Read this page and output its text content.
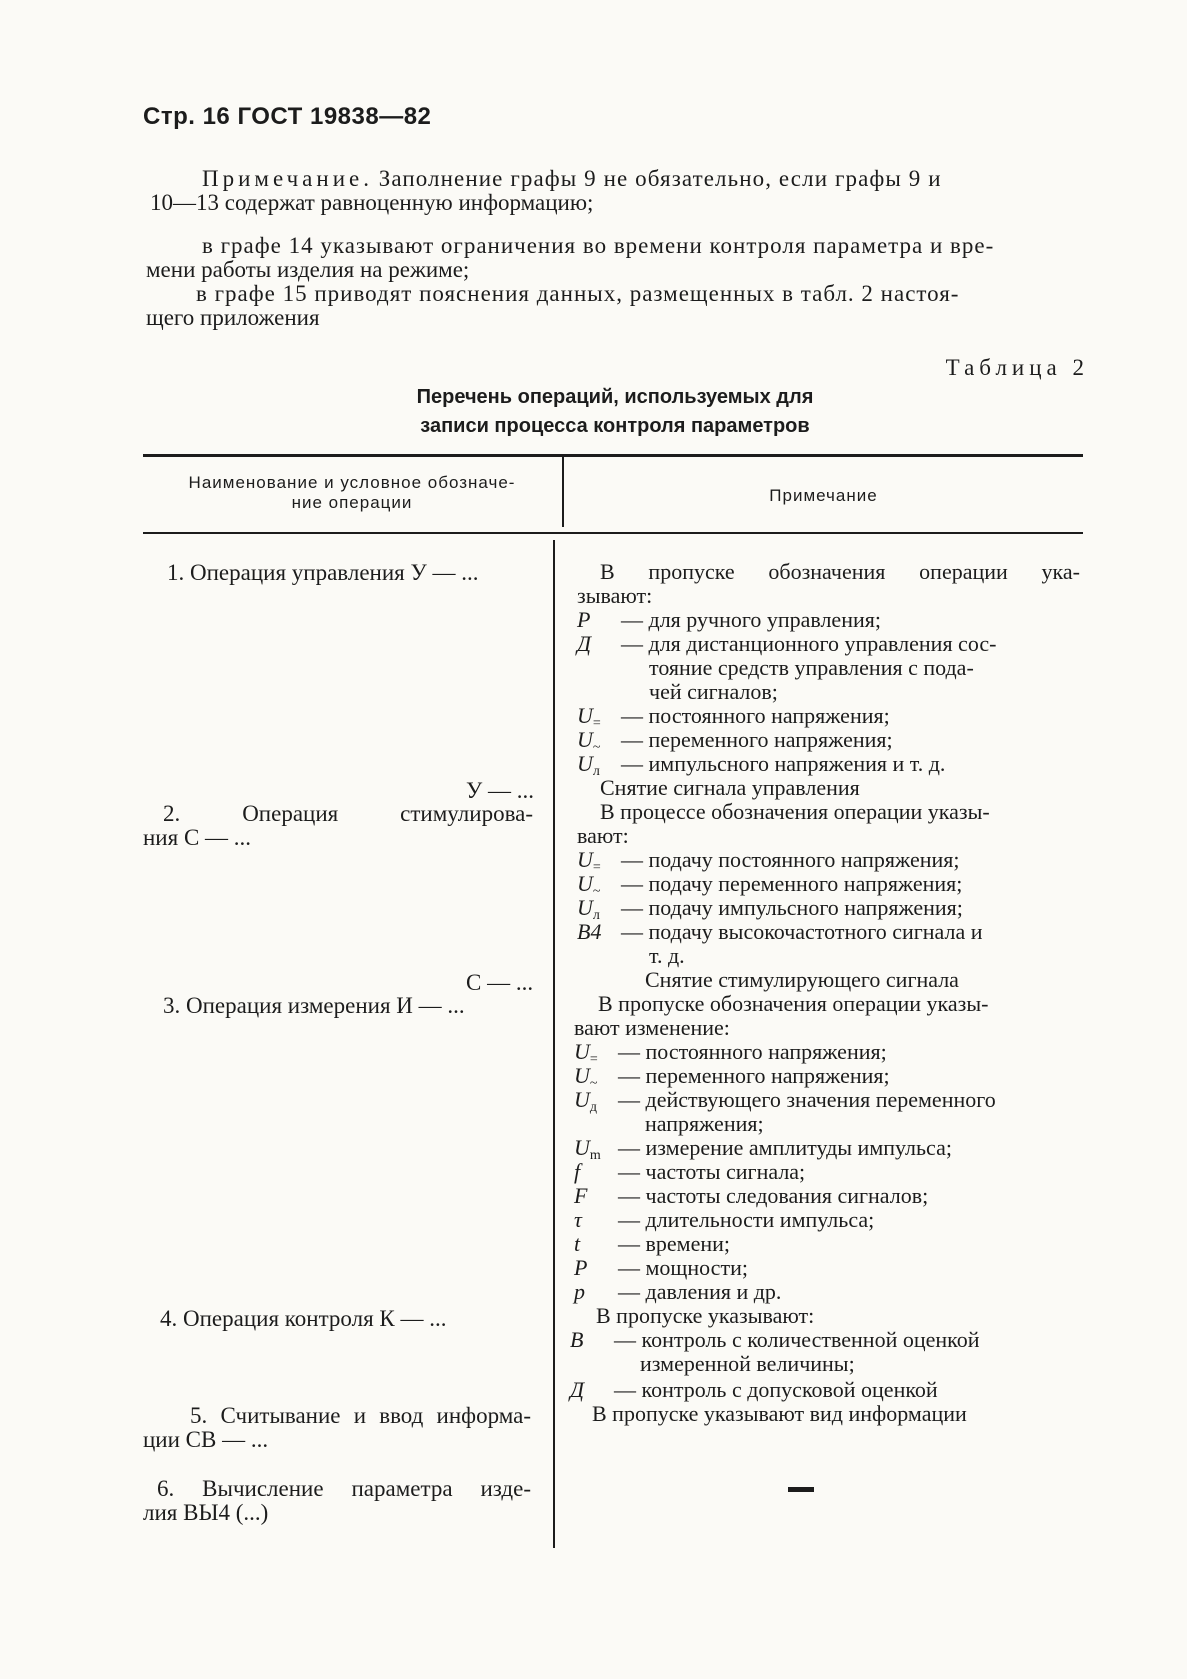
Стр. 16 ГОСТ 19838—82
Примечание. Заполнение графы 9 не обязательно, если графы 9 и
10—13 содержат равноценную информацию;
в графе 14 указывают ограничения во времени контроля параметра и вре-
мени работы изделия на режиме;
в графе 15 приводят пояснения данных, размещенных в табл. 2 настоя-
щего приложения
Таблица 2
Перечень операций, используемых для
записи процесса контроля параметров
Наименование и условное обозначе-
ние операции	Примечание
1. Операция управления У — ...
У — ...
2. Операция стимулирова-
ния С — ...
С — ...
3. Операция измерения И — ...
4. Операция контроля К — ...
5. Считывание и ввод информа-
ции СВ — ...
6. Вычисление параметра изде-
лия ВЫ4 (...)
В пропуске обозначения операции ука-
зывают:
Р — для ручного управления;
Д — для дистанционного управления сос-
тояние средств управления с пода-
чей сигналов;
$U_=$ — постоянного напряжения;
$U_\sim$ — переменного напряжения;
$U_л$ — импульсного напряжения и т. д.
Снятие сигнала управления
В процессе обозначения операции указы-
вают:
$U_=$ — подачу постоянного напряжения;
$U_\sim$ — подачу переменного напряжения;
$U_л$ — подачу импульсного напряжения;
В4 — подачу высокочастотного сигнала и
т. д.
Снятие стимулирующего сигнала
В пропуске обозначения операции указы-
вают изменение:
$U_=$ — постоянного напряжения;
$U_\sim$ — переменного напряжения;
$U_д$ — действующего значения переменного
напряжения;
$U_m$ — измерение амплитуды импульса;
f — частоты сигнала;
F — частоты следования сигналов;
τ — длительности импульса;
t — времени;
Р — мощности;
p — давления и др.
В пропуске указывают:
В — контроль с количественной оценкой
измеренной величины;
Д — контроль с допусковой оценкой
В пропуске указывают вид информации
